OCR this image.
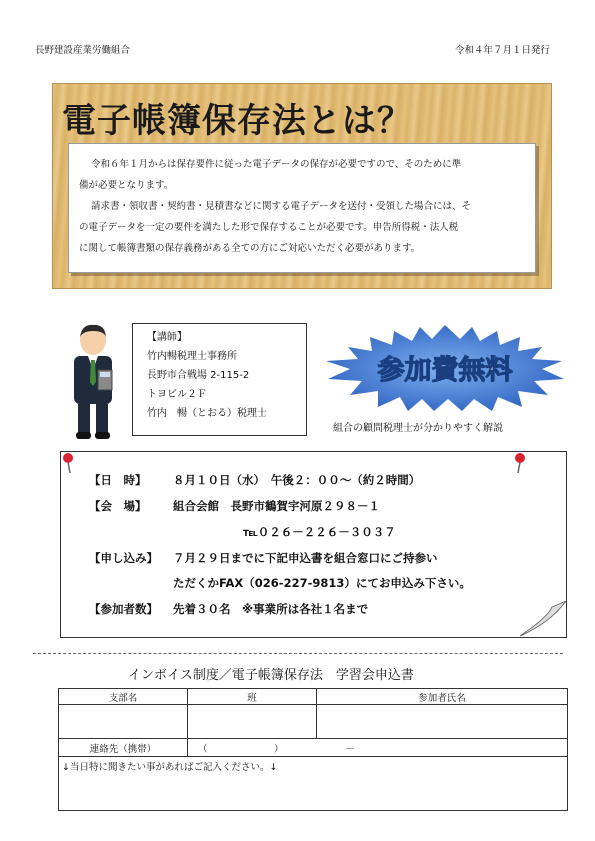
長野建設産業労働組合	令和４年７月１日発行
電子帳簿保存法とは？

令和６年１月からは保存要件に従った電子データの保存が必要ですので、そのために準

備が必要となります。

請求書・領収書・契約書・見積書などに関する電子データを送付・受領した場合には、そ

の電子データを一定の要件を満たした形で保存することが必要です。申告所得税・法人税

に関して帳簿書類の保存義務がある全ての方にご対応いただく必要があります。

【講師】
竹内暢税理士事務所
長野市合戦場 2-115-2
トヨビル２Ｆ
竹内　暢（とおる）税理士
参加費無料
組合の顧問税理士が分かりやすく解説
【日　時】 ８月１０日（水）　午後２：００～（約２時間）
【会　場】 組合会館　長野市鶴賀宇河原２９８－１
℡０２６－２２６－３０３７
【申し込み】 ７月２９日までに下記申込書を組合窓口にご持参い
ただくかFAX（026-227-9813）にてお申込み下さい。
【参加者数】 先着３０名　※事業所は各社１名まで
インボイス制度／電子帳簿保存法　学習会申込書
支部名	班	参加者氏名

連絡先（携帯）	（　　　　　　　）　　　　　　　－	
↓当日特に聞きたい事があればご記入ください。↓		
